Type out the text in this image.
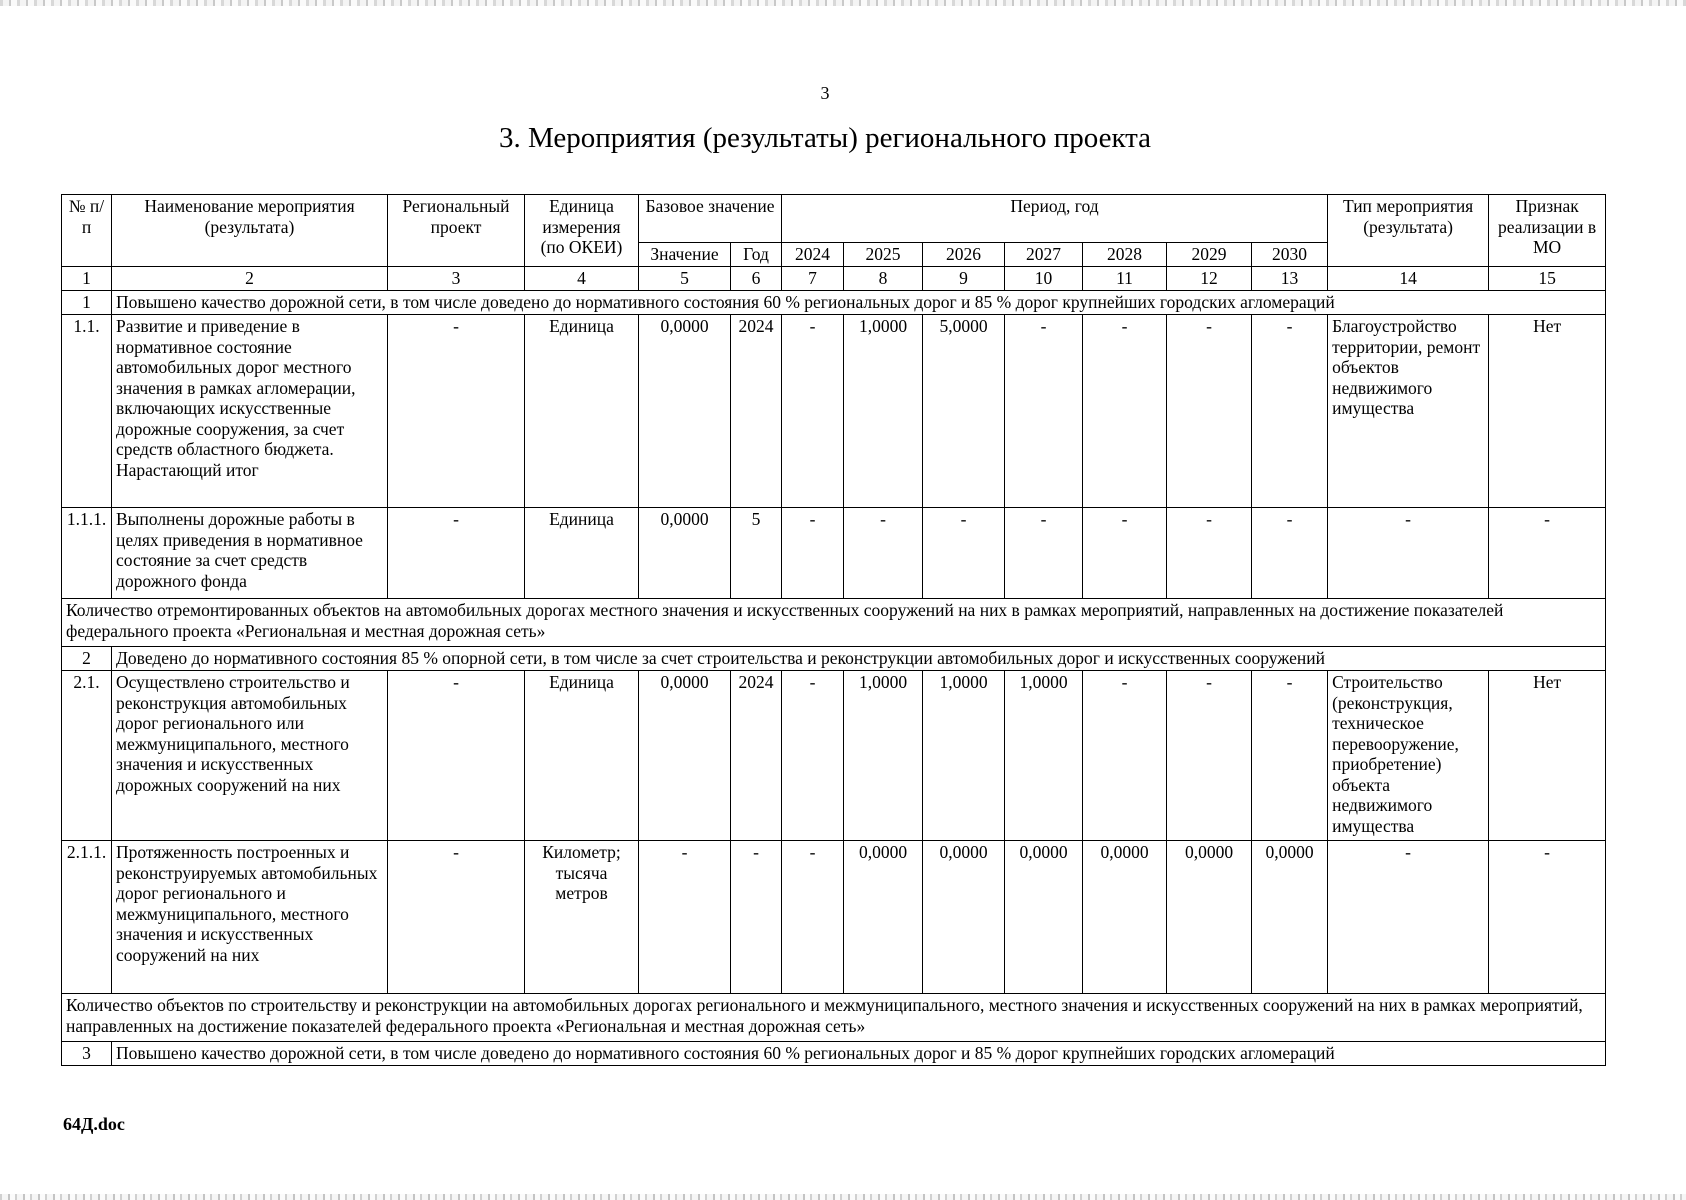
3
3. Мероприятия (результаты) регионального проекта
№ п/п	Наименование мероприятия (результата)	Региональный проект	Единица измерения (по ОКЕИ)	Базовое значение		Период, год							Тип мероприятия (результата)	Признак реализации в МО
				Значение	Год	2024	2025	2026	2027	2028	2029	2030		
1	2	3	4	5	6	7	8	9	10	11	12	13	14	15
1	Повышено качество дорожной сети, в том числе доведено до нормативного состояния 60 % региональных дорог и 85 % дорог крупнейших городских агломераций													
1.1.	Развитие и приведение в нормативное состояние автомобильных дорог местного значения в рамках агломерации, включающих искусственные дорожные сооружения, за счет средств областного бюджета. Нарастающий итог	-	Единица	0,0000	2024	-	1,0000	5,0000	-	-	-	-	Благоустройство территории, ремонт объектов недвижимого имущества	Нет
1.1.1.	Выполнены дорожные работы в целях приведения в нормативное состояние за счет средств дорожного фонда	-	Единица	0,0000	5	-	-	-	-	-	-	-	-	-
Количество отремонтированных объектов на автомобильных дорогах местного значения и искусственных сооружений на них в рамках мероприятий, направленных на достижение показателей федерального проекта «Региональная и местная дорожная сеть»														
2	Доведено до нормативного состояния 85 % опорной сети, в том числе за счет строительства и реконструкции автомобильных дорог и искусственных сооружений													
2.1.	Осуществлено строительство и реконструкция автомобильных дорог регионального или межмуниципального, местного значения и искусственных дорожных сооружений на них	-	Единица	0,0000	2024	-	1,0000	1,0000	1,0000	-	-	-	Строительство (реконструкция, техническое перевооружение, приобретение) объекта недвижимого имущества	Нет
2.1.1.	Протяженность построенных и реконструируемых автомобильных дорог регионального и межмуниципального, местного значения и искусственных сооружений на них	-	Километр; тысяча метров	-	-	-	0,0000	0,0000	0,0000	0,0000	0,0000	0,0000	-	-
Количество объектов по строительству и реконструкции на автомобильных дорогах регионального и межмуниципального, местного значения и искусственных сооружений на них в рамках мероприятий, направленных на достижение показателей федерального проекта «Региональная и местная дорожная сеть»														
3	Повышено качество дорожной сети, в том числе доведено до нормативного состояния 60 % региональных дорог и 85 % дорог крупнейших городских агломераций													
64Д.doc
